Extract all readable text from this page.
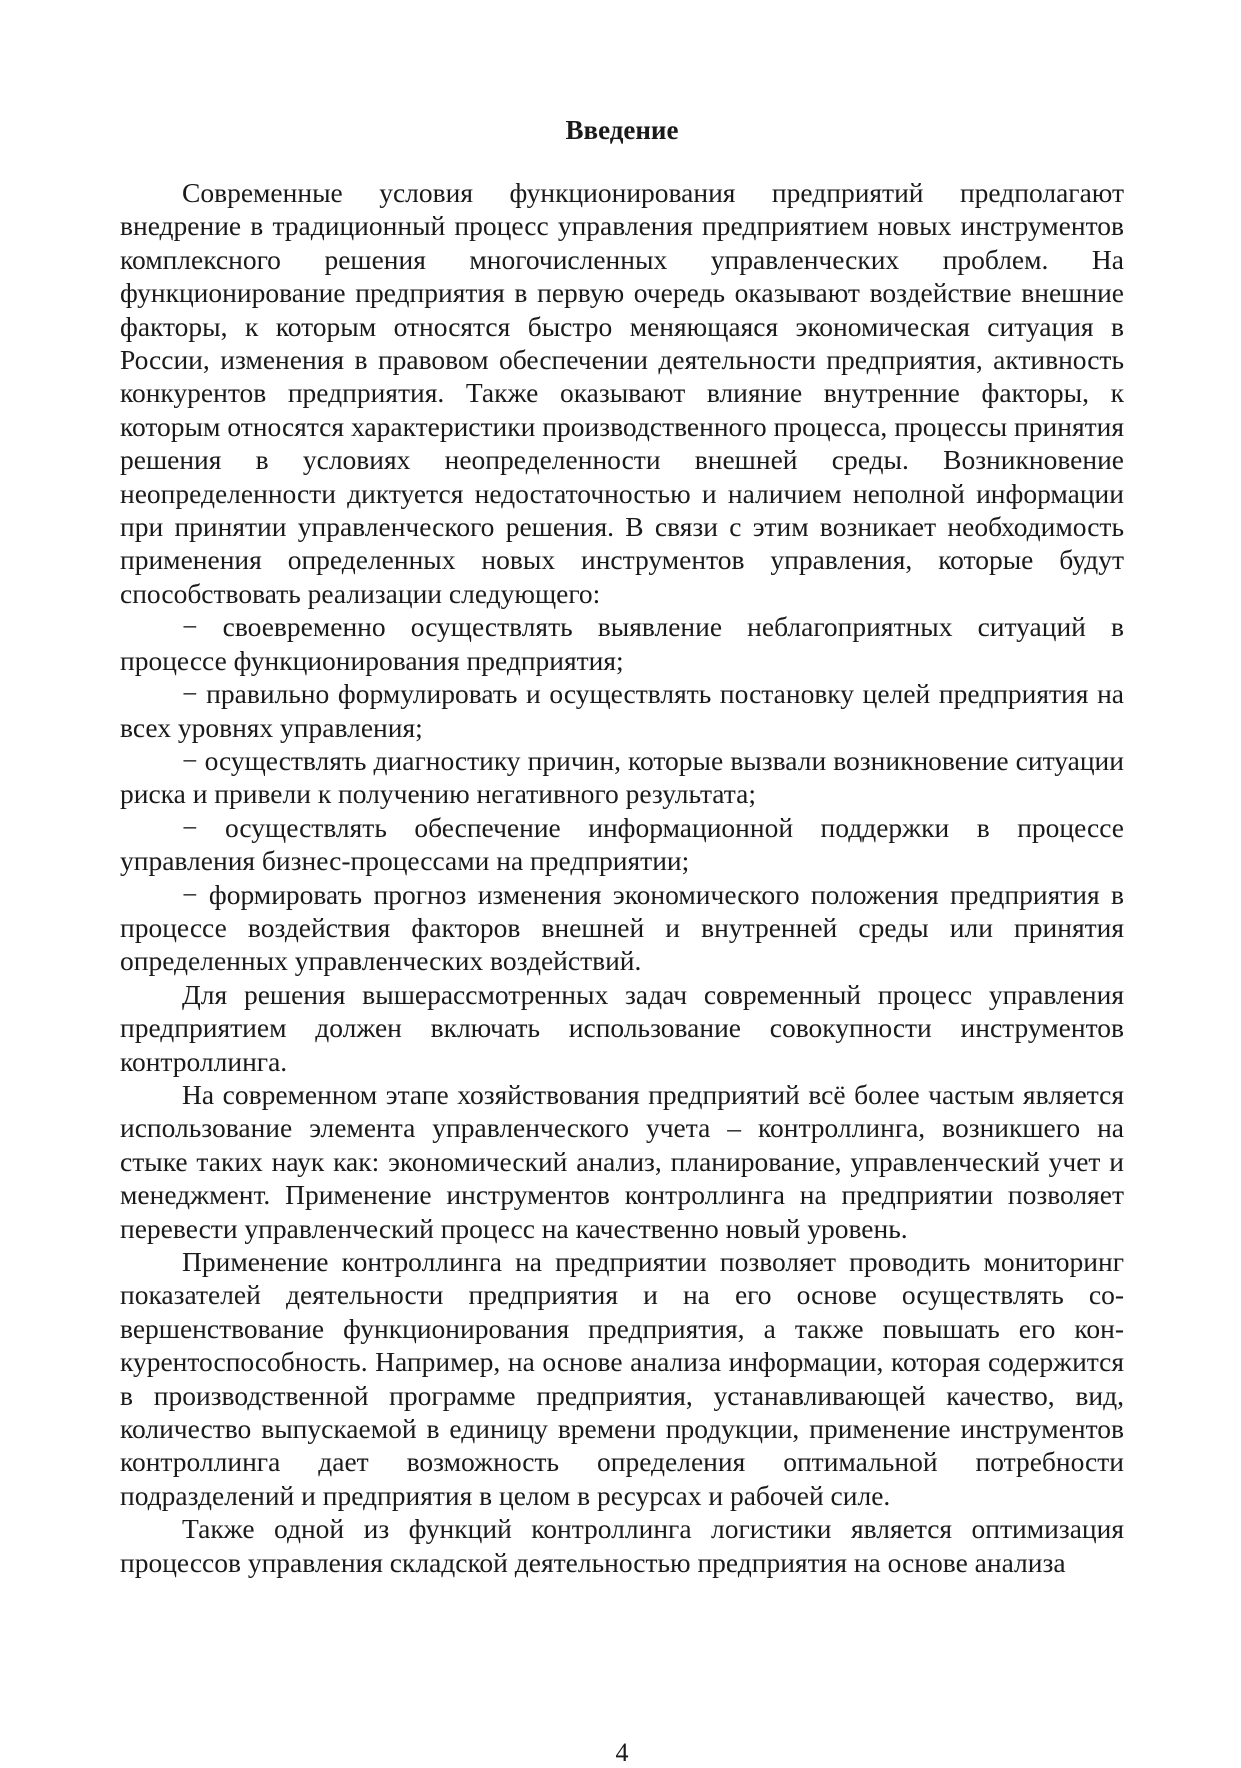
Введение

Современные условия функционирования предприятий предполагают внедрение в традиционный процесс управления предприятием новых инструментов комплексного решения многочисленных управленческих проблем. На функционирование предприятия в первую очередь оказывают воздействие внешние факторы, к которым относятся быстро меняющаяся экономическая ситуация в России, изменения в правовом обеспечении деятельности предприятия, активность конкурентов предприятия. Также оказывают влияние внутренние факторы, к которым относятся характеристики производственного процесса, процессы принятия решения в условиях неопределенности внешней среды. Возникновение неопределенности диктуется недостаточностью и наличием неполной информации при принятии управленческого решения. В связи с этим возникает необходимость применения определенных новых инструментов управления, которые будут способствовать реализации следующего:

− своевременно осуществлять выявление неблагоприятных ситуаций в процессе функционирования предприятия;

− правильно формулировать и осуществлять постановку целей предприятия на всех уровнях управления;

− осуществлять диагностику причин, которые вызвали возникновение ситуации риска и привели к получению негативного результата;

− осуществлять обеспечение информационной поддержки в процессе управления бизнес-процессами на предприятии;

− формировать прогноз изменения экономического положения предприятия в процессе воздействия факторов внешней и внутренней среды или принятия определенных управленческих воздействий.

Для решения вышерассмотренных задач современный процесс управления предприятием должен включать использование совокупности инструментов контроллинга.

На современном этапе хозяйствования предприятий всё более частым является использование элемента управленческого учета – контроллинга, возникшего на стыке таких наук как: экономический анализ, планирование, управленческий учет и менеджмент. Применение инструментов контроллинга на предприятии позволяет перевести управленческий процесс на качественно новый уровень.

Применение контроллинга на предприятии позволяет проводить мониторинг показателей деятельности предприятия и на его основе осуществлять совершенствование функционирования предприятия, а также повышать его конкурентоспособность. Например, на основе анализа информации, которая содержится в производственной программе предприятия, устанавливающей качество, вид, количество выпускаемой в единицу времени продукции, применение инструментов контроллинга дает возможность определения оптимальной потребности подразделений и предприятия в целом в ресурсах и рабочей силе.

Также одной из функций контроллинга логистики является оптимизация процессов управления складской деятельностью предприятия на основе анализа

4
